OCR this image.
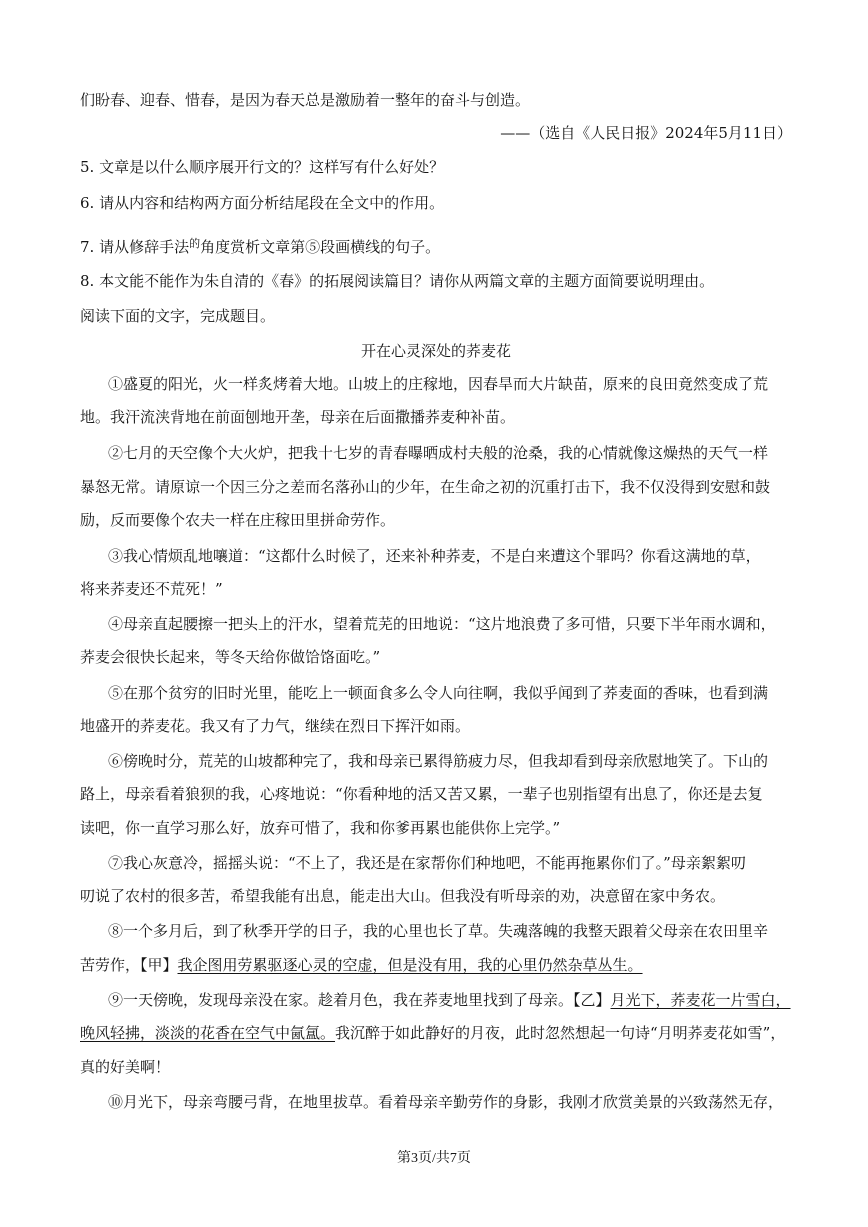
们盼春、迎春、惜春，是因为春天总是激励着一整年的奋斗与创造。
——（选自《人民日报》2024年5月11日）
5. 文章是以什么顺序展开行文的？这样写有什么好处？
6. 请从内容和结构两方面分析结尾段在全文中的作用。
7. 请从修辞手法$^的$角度赏析文章第⑤段画横线的句子。
8. 本文能不能作为朱自清的《春》的拓展阅读篇目？请你从两篇文章的主题方面简要说明理由。
阅读下面的文字，完成题目。
开在心灵深处的荞麦花
①盛夏的阳光，火一样炙烤着大地。山坡上的庄稼地，因春旱而大片缺苗，原来的良田竟然变成了荒
地。我汗流浃背地在前面刨地开垄，母亲在后面撒播荞麦种补苗。
②七月的天空像个大火炉，把我十七岁的青春曝晒成村夫般的沧桑，我的心情就像这燥热的天气一样
暴怒无常。请原谅一个因三分之差而名落孙山的少年，在生命之初的沉重打击下，我不仅没得到安慰和鼓
励，反而要像个农夫一样在庄稼田里拼命劳作。
③我心情烦乱地嚷道：“这都什么时候了，还来补种荞麦，不是白来遭这个罪吗？你看这满地的草，
将来荞麦还不荒死！”
④母亲直起腰擦一把头上的汗水，望着荒芜的田地说：“这片地浪费了多可惜，只要下半年雨水调和，
荞麦会很快长起来，等冬天给你做饸饹面吃。”
⑤在那个贫穷的旧时光里，能吃上一顿面食多么令人向往啊，我似乎闻到了荞麦面的香味，也看到满
地盛开的荞麦花。我又有了力气，继续在烈日下挥汗如雨。
⑥傍晚时分，荒芜的山坡都种完了，我和母亲已累得筋疲力尽，但我却看到母亲欣慰地笑了。下山的
路上，母亲看着狼狈的我，心疼地说：“你看种地的活又苦又累，一辈子也别指望有出息了，你还是去复
读吧，你一直学习那么好，放弃可惜了，我和你爹再累也能供你上完学。”
⑦我心灰意冷，摇摇头说：“不上了，我还是在家帮你们种地吧，不能再拖累你们了。”母亲絮絮叨
叨说了农村的很多苦，希望我能有出息，能走出大山。但我没有听母亲的劝，决意留在家中务农。
⑧一个多月后，到了秋季开学的日子，我的心里也长了草。失魂落魄的我整天跟着父母亲在农田里辛
苦劳作，【甲】我企图用劳累驱逐心灵的空虚，但是没有用，我的心里仍然杂草丛生。
⑨一天傍晚，发现母亲没在家。趁着月色，我在荞麦地里找到了母亲。【乙】月光下，荞麦花一片雪白，
晚风轻拂，淡淡的花香在空气中氤氲。我沉醉于如此静好的月夜，此时忽然想起一句诗“月明荞麦花如雪”，
真的好美啊！
⑩月光下，母亲弯腰弓背，在地里拔草。看着母亲辛勤劳作的身影，我刚才欣赏美景的兴致荡然无存，
第3页/共7页
